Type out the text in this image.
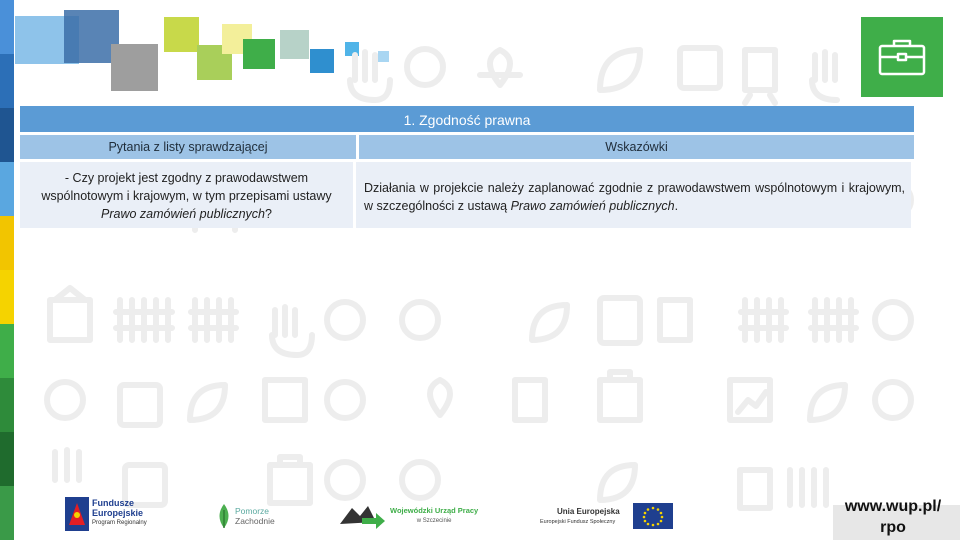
1. Zgodność prawna
Pytania z listy sprawdzającej	Wskazówki
- Czy projekt jest zgodny z prawodawstwem wspólnotowym i krajowym, w tym przepisami ustawy Prawo zamówień publicznych?
Działania w projekcie należy zaplanować zgodnie z prawodawstwem wspólnotowym i krajowym, w szczególności z ustawą Prawo zamówień publicznych.
Fundusze
Europejskie
Program Regionalny
Pomorze
Zachodnie
Wojewódzki Urząd Pracy
w Szczecinie
Unia Europejska
Europejski Fundusz Społeczny
www.wup.pl/ rpo
